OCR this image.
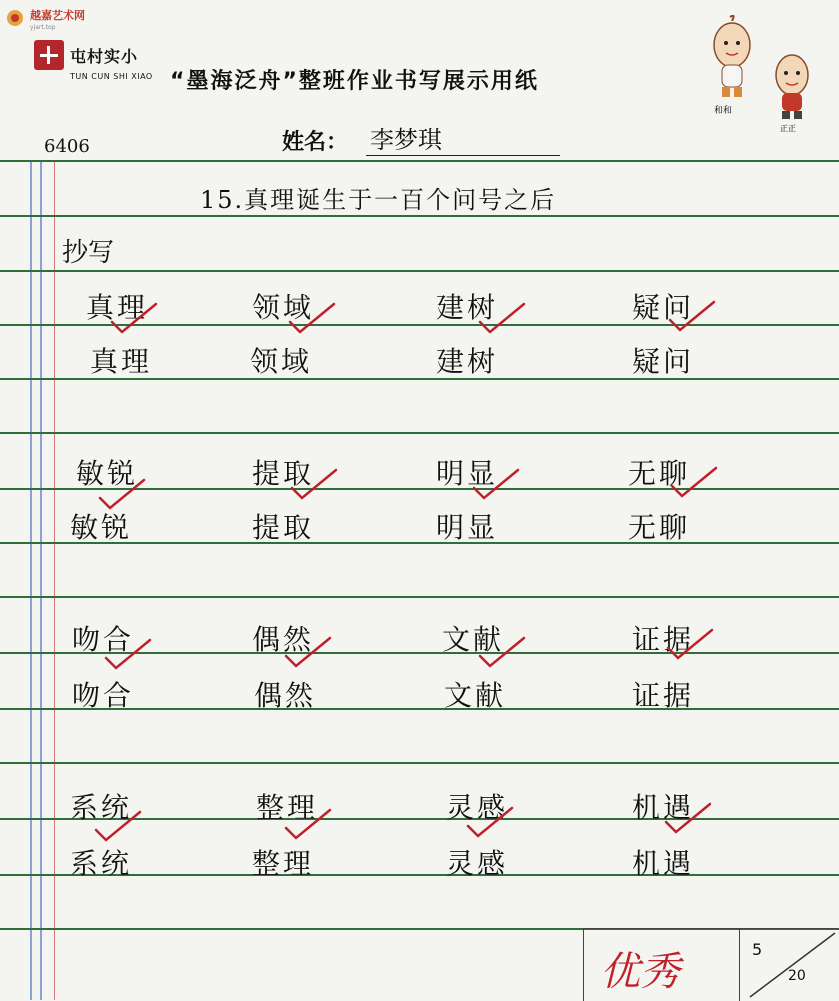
越嘉艺术网
yjart.top
屯村实小
TUN CUN SHI XIAO “墨海泛舟”整班作业书写展示用纸
姓名： 李梦琪
和和
正正
6406
15.真理诞生于一百个问号之后
抄写
真理	领域	建树	疑问
真理	领域	建树	疑问
敏锐	提取	明显	无聊
敏锐	提取	明显	无聊
吻合	偶然	文献	证据
吻合	偶然	文献	证据
系统	整理	灵感	机遇
系统	整理	灵感	机遇
优秀	5
20
